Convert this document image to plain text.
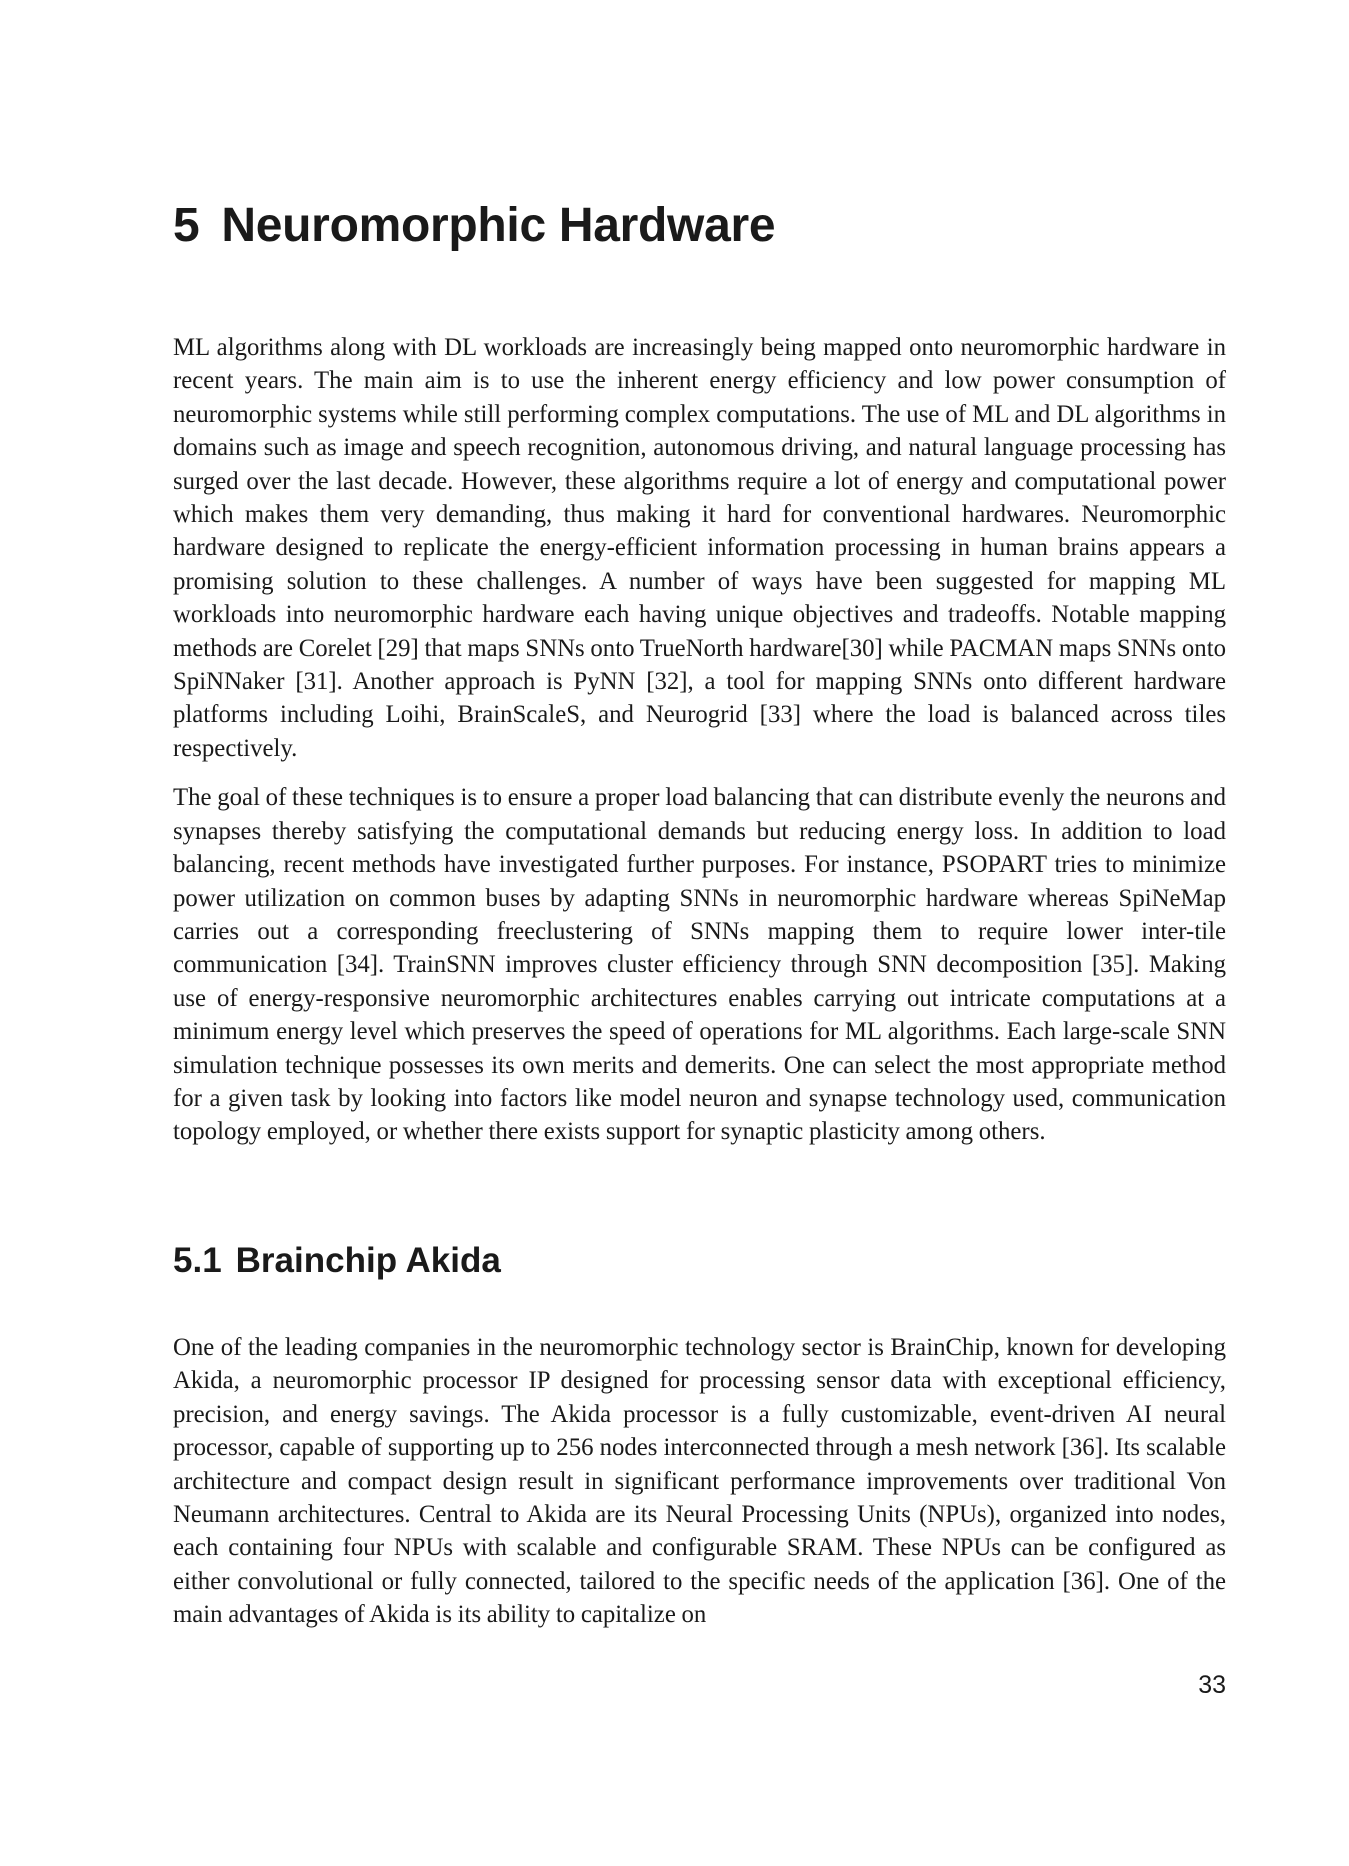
5 Neuromorphic Hardware

ML algorithms along with DL workloads are increasingly being mapped onto neuromorphic hardware in recent years. The main aim is to use the inherent energy efficiency and low power consumption of neuromorphic systems while still performing complex computations. The use of ML and DL algorithms in domains such as image and speech recognition, autonomous driving, and natural language processing has surged over the last decade. However, these algorithms require a lot of energy and computational power which makes them very demanding, thus making it hard for conventional hardwares. Neuromorphic hardware designed to replicate the energy-efficient information processing in human brains appears a promising solution to these challenges. A number of ways have been suggested for mapping ML workloads into neuromorphic hardware each having unique objectives and tradeoffs. Notable mapping methods are Corelet [29] that maps SNNs onto TrueNorth hardware[30] while PACMAN maps SNNs onto SpiNNaker [31]. Another approach is PyNN [32], a tool for mapping SNNs onto different hardware platforms including Loihi, BrainScaleS, and Neurogrid [33] where the load is balanced across tiles respectively.

The goal of these techniques is to ensure a proper load balancing that can distribute evenly the neurons and synapses thereby satisfying the computational demands but reducing energy loss. In addition to load balancing, recent methods have investigated further purposes. For instance, PSOPART tries to minimize power utilization on common buses by adapting SNNs in neuromorphic hardware whereas SpiNeMap carries out a corresponding freeclustering of SNNs mapping them to require lower inter-tile communication [34]. TrainSNN improves cluster efficiency through SNN decomposition [35]. Making use of energy-responsive neuromorphic architectures enables carrying out intricate computations at a minimum energy level which preserves the speed of operations for ML algorithms. Each large-scale SNN simulation technique possesses its own merits and demerits. One can select the most appropriate method for a given task by looking into factors like model neuron and synapse technology used, communication topology employed, or whether there exists support for synaptic plasticity among others.

5.1 Brainchip Akida

One of the leading companies in the neuromorphic technology sector is BrainChip, known for developing Akida, a neuromorphic processor IP designed for processing sensor data with exceptional efficiency, precision, and energy savings. The Akida processor is a fully customizable, event-driven AI neural processor, capable of supporting up to 256 nodes interconnected through a mesh network [36]. Its scalable architecture and compact design result in significant performance improvements over traditional Von Neumann architectures. Central to Akida are its Neural Processing Units (NPUs), organized into nodes, each containing four NPUs with scalable and configurable SRAM. These NPUs can be configured as either convolutional or fully connected, tailored to the specific needs of the application [36]. One of the main advantages of Akida is its ability to capitalize on

33
